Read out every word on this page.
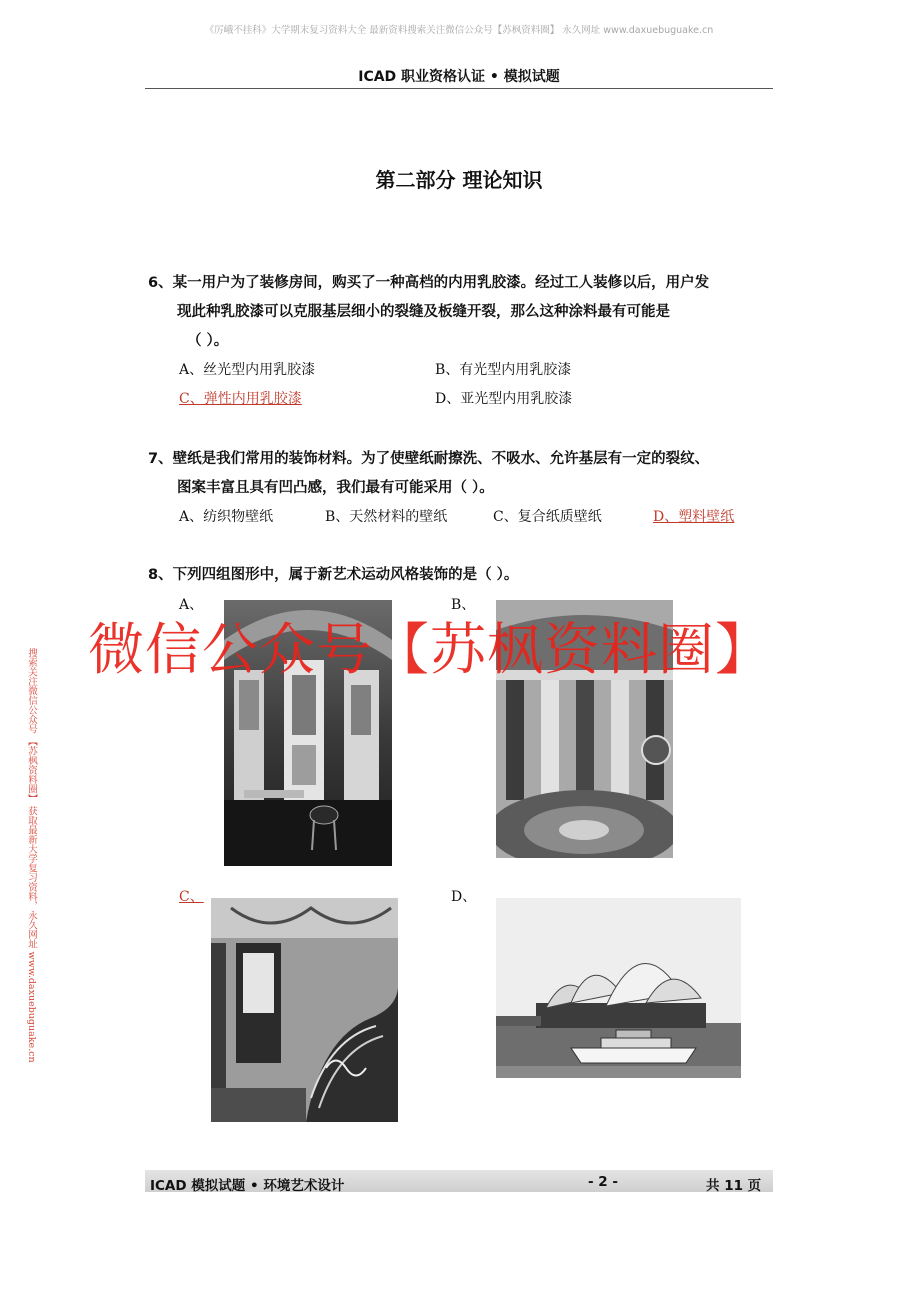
《厉峨不挂科》大学期末复习资料大全 最新资料搜索关注微信公众号【苏枫资料圈】 永久网址 www.daxuebuguake.cn
ICAD 职业资格认证 • 模拟试题
第二部分 理论知识
6、某一用户为了装修房间，购买了一种高档的内用乳胶漆。经过工人装修以后，用户发
现此种乳胶漆可以克服基层细小的裂缝及板缝开裂，那么这种涂料最有可能是
（ ）。
A、丝光型内用乳胶漆	B、有光型内用乳胶漆
C、弹性内用乳胶漆	D、亚光型内用乳胶漆
7、壁纸是我们常用的装饰材料。为了使壁纸耐擦洗、不吸水、允许基层有一定的裂纹、
图案丰富且具有凹凸感，我们最有可能采用（ ）。
A、纺织物壁纸	B、天然材料的壁纸	C、复合纸质壁纸	D、塑料壁纸
8、下列四组图形中，属于新艺术运动风格装饰的是（ ）。
A、	B、
C、	D、
微信公众号【苏枫资料圈】
搜索关注微信公众号 【苏枫资料圈】 获取最新大学复习资料，永久网址 www.daxuebuguake.cn
ICAD 模拟试题 • 环境艺术设计	- 2 -	共 11 页
